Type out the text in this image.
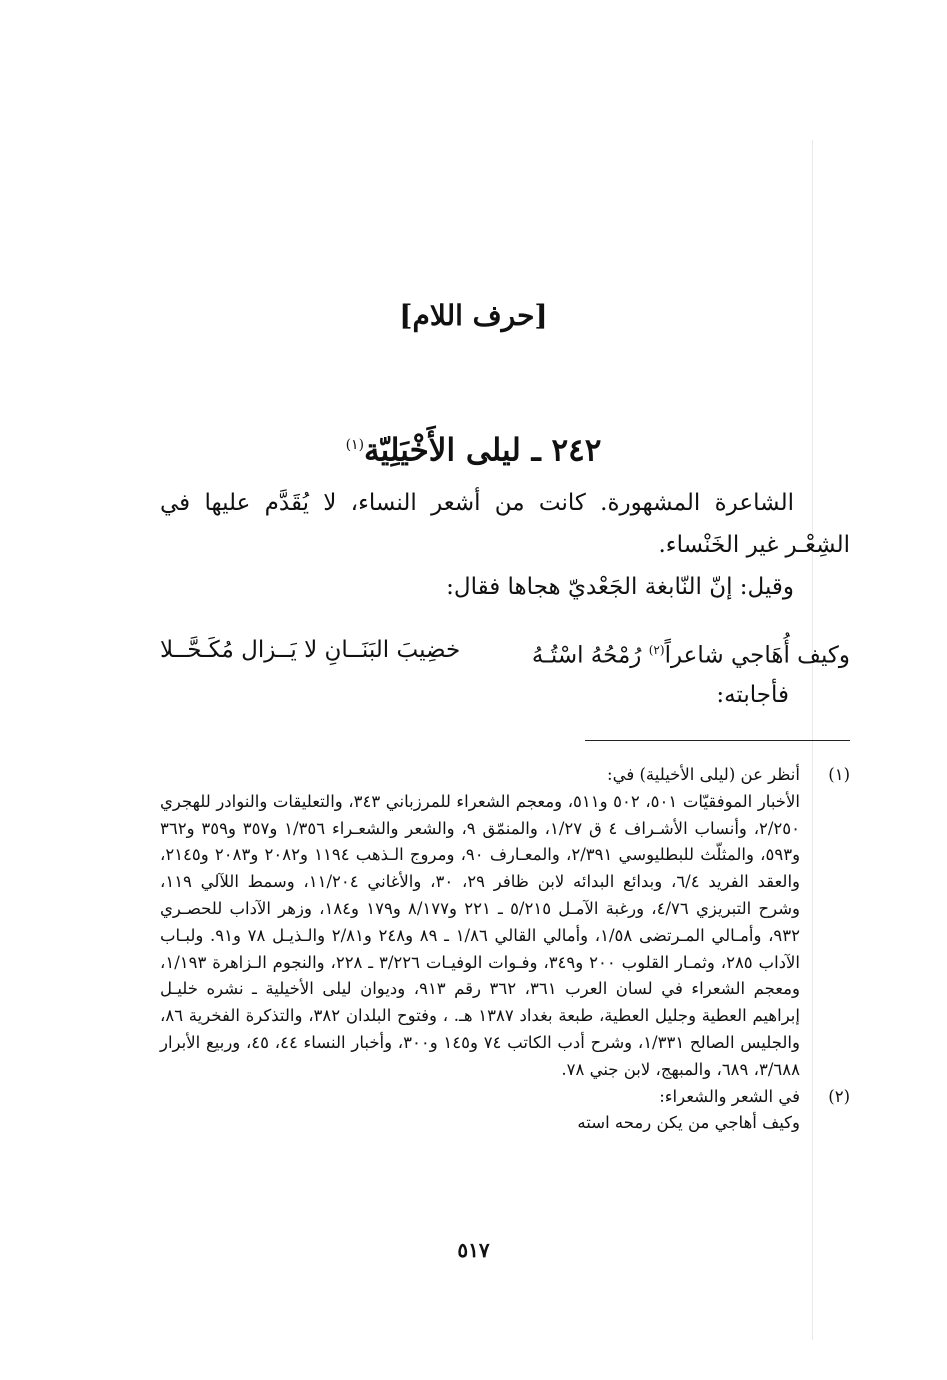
[حرف اللام]
٢٤٢ ـ ليلى الأَخْيَلِيّة$^{(١)}$

الشاعرة المشهورة. كانت من أشعر النساء، لا يُقَدَّم عليها في الشِعْـر غير الخَنْساء.

وقيل: إنّ النّابغة الجَعْديّ هجاها فقال:

وكيف أُهَاجي شاعراً$^{(٢)}$ رُمْحُهُ اسْتُـهُ
خضِيبَ البَنَــانِ لا يَــزال مُكَـحَّــلا
فأجابته:
(١)

أنظر عن (ليلى الأخيلية) في:

الأخبار الموفقيّات ٥٠١، ٥٠٢ و٥١١، ومعجم الشعراء للمرزباني ٣٤٣، والتعليقات والنوادر للهجري ٢/٢٥٠، وأنساب الأشـراف ٤ ق ١/٢٧، والمنمّق ٩، والشعر والشعـراء ١/٣٥٦ و٣٥٧ و٣٥٩ و٣٦٢ و٥٩٣، والمثلّث للبطليوسي ٢/٣٩١، والمعـارف ٩٠، ومروج الـذهب ١١٩٤ و٢٠٨٢ و٢٠٨٣ و٢١٤٥، والعقد الفريد ٦/٤، وبدائع البدائه لابن ظافر ٢٩، ٣٠، والأغاني ١١/٢٠٤، وسمط اللآلي ١١٩، وشرح التبريزي ٤/٧٦، ورغبة الآمـل ٥/٢١٥ ـ ٢٢١ و٨/١٧٧ و١٧٩ و١٨٤، وزهر الآداب للحصـري ٩٣٢، وأمـالي المـرتضى ١/٥٨، وأمالي القالي ١/٨٦ ـ ٨٩ و٢٤٨ و٢/٨١ والـذيـل ٧٨ و٩١. ولبـاب الآداب ٢٨٥، وثمـار القلوب ٢٠٠ و٣٤٩، وفـوات الوفيـات ٣/٢٢٦ ـ ٢٢٨، والنجوم الـزاهرة ١/١٩٣، ومعجم الشعراء في لسان العرب ٣٦١، ٣٦٢ رقم ٩١٣، وديوان ليلى الأخيلية ـ نشره خليـل إبراهيم العطية وجليل العطية، طبعة بغداد ١٣٨٧ هـ. ، وفتوح البلدان ٣٨٢، والتذكرة الفخرية ٨٦، والجليس الصالح ١/٣٣١، وشرح أدب الكاتب ٧٤ و١٤٥ و٣٠٠، وأخبار النساء ٤٤، ٤٥، وربيع الأبرار ٣/٦٨٨، ٦٨٩، والمبهج، لابن جني ٧٨.

(٢)

في الشعر والشعراء:

وكيف أهاجي من يكن رمحه استه

٥١٧
